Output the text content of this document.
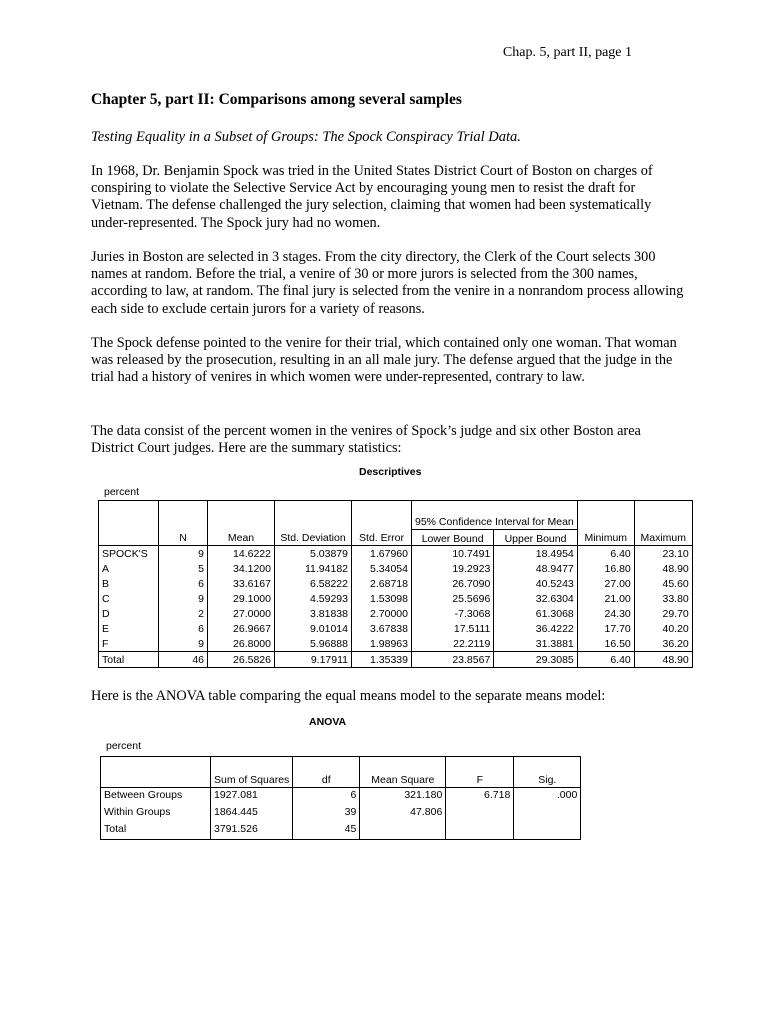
Chap. 5, part II, page 1
Chapter 5, part II: Comparisons among several samples
Testing Equality in a Subset of Groups: The Spock Conspiracy Trial Data.
In 1968, Dr. Benjamin Spock was tried in the United States District Court of Boston on charges of conspiring to violate the Selective Service Act by encouraging young men to resist the draft for Vietnam. The defense challenged the jury selection, claiming that women had been systematically under-represented. The Spock jury had no women.
Juries in Boston are selected in 3 stages. From the city directory, the Clerk of the Court selects 300 names at random. Before the trial, a venire of 30 or more jurors is selected from the 300 names, according to law, at random. The final jury is selected from the venire in a nonrandom process allowing each side to exclude certain jurors for a variety of reasons.
The Spock defense pointed to the venire for their trial, which contained only one woman. That woman was released by the prosecution, resulting in an all male jury. The defense argued that the judge in the trial had a history of venires in which women were under-represented, contrary to law.
The data consist of the percent women in the venires of Spock’s judge and six other Boston area District Court judges. Here are the summary statistics:
Descriptives
percent
	N	Mean	Std. Deviation	Std. Error	95% Confidence Interval for Mean		Minimum	Maximum
					Lower Bound	Upper Bound		
SPOCK'S	9	14.6222	5.03879	1.67960	10.7491	18.4954	6.40	23.10
A	5	34.1200	11.94182	5.34054	19.2923	48.9477	16.80	48.90
B	6	33.6167	6.58222	2.68718	26.7090	40.5243	27.00	45.60
C	9	29.1000	4.59293	1.53098	25.5696	32.6304	21.00	33.80
D	2	27.0000	3.81838	2.70000	-7.3068	61.3068	24.30	29.70
E	6	26.9667	9.01014	3.67838	17.5111	36.4222	17.70	40.20
F	9	26.8000	5.96888	1.98963	22.2119	31.3881	16.50	36.20
Total	46	26.5826	9.17911	1.35339	23.8567	29.3085	6.40	48.90
Here is the ANOVA table comparing the equal means model to the separate means model:
ANOVA
percent
	Sum of Squares	df	Mean Square	F	Sig.
Between Groups	1927.081	6	321.180	6.718	.000
Within Groups	1864.445	39	47.806		
Total	3791.526	45			
